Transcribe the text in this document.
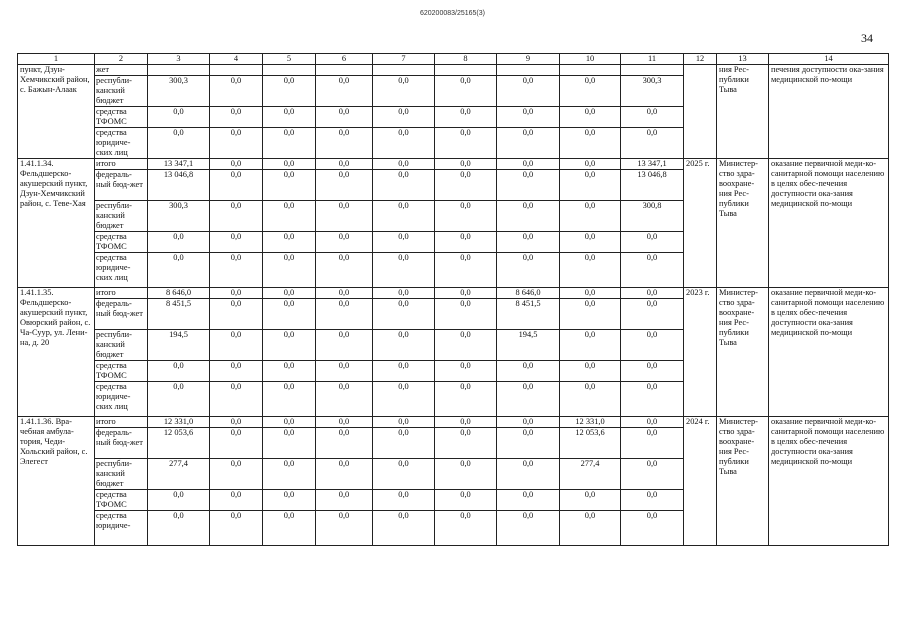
620200083/25165(3)
34
1	2	3	4	5	6	7	8	9	10	11	12	13	14
пункт, Дзун-Хемчикский район, с. Бажын-Алаак	жет											ния Рес-публики Тыва	печения доступности ока-зания медицинской по-мощи
	республи-канский бюджет	300,3	0,0	0,0	0,0	0,0	0,0	0,0	0,0	300,3			
	средства ТФОМС	0,0	0,0	0,0	0,0	0,0	0,0	0,0	0,0	0,0			
	средства юридиче-ских лиц	0,0	0,0	0,0	0,0	0,0	0,0	0,0	0,0	0,0			
1.41.1.34. Фельдшерско-акушерский пункт, Дзун-Хемчикский район, с. Теве-Хая	итого	13 347,1	0,0	0,0	0,0	0,0	0,0	0,0	0,0	13 347,1	2025 г.	Министер-ство здра-воохране-ния Рес-публики Тыва	оказание первичной меди-ко-санитарной помощи населению в целях обес-печения доступности ока-зания медицинской по-мощи
	федераль-ный бюд-жет	13 046,8	0,0	0,0	0,0	0,0	0,0	0,0	0,0	13 046,8			
	республи-канский бюджет	300,3	0,0	0,0	0,0	0,0	0,0	0,0	0,0	300,8			
	средства ТФОМС	0,0	0,0	0,0	0,0	0,0	0,0	0,0	0,0	0,0			
	средства юридиче-ских лиц	0,0	0,0	0,0	0,0	0,0	0,0	0,0	0,0	0,0			
1.41.1.35. Фельдшерско-акушерский пункт, Овюрский район, с. Ча-Суур, ул. Лени-на, д. 20	итого	8 646,0	0,0	0,0	0,0	0,0	0,0	8 646,0	0,0	0,0	2023 г.	Министер-ство здра-воохране-ния Рес-публики Тыва	оказание первичной меди-ко-санитарной помощи населению в целях обес-печения доступности ока-зания медицинской по-мощи
	федераль-ный бюд-жет	8 451,5	0,0	0,0	0,0	0,0	0,0	8 451,5	0,0	0,0			
	республи-канский бюджет	194,5	0,0	0,0	0,0	0,0	0,0	194,5	0,0	0,0			
	средства ТФОМС	0,0	0,0	0,0	0,0	0,0	0,0	0,0	0,0	0,0			
	средства юридиче-ских лиц	0,0	0,0	0,0	0,0	0,0	0,0	0,0	0,0	0,0			
1.41.1.36. Вра-чебная амбула-тория, Чеди-Хольский район, с. Элегест	итого	12 331,0	0,0	0,0	0,0	0,0	0,0	0,0	12 331,0	0,0	2024 г.	Министер-ство здра-воохране-ния Рес-публики Тыва	оказание первичной меди-ко-санитарной помощи населению в целях обес-печения доступности ока-зания медицинской по-мощи
	федераль-ный бюд-жет	12 053,6	0,0	0,0	0,0	0,0	0,0	0,0	12 053,6	0,0			
	республи-канский бюджет	277,4	0,0	0,0	0,0	0,0	0,0	0,0	277,4	0,0			
	средства ТФОМС	0,0	0,0	0,0	0,0	0,0	0,0	0,0	0,0	0,0			
	средства юридиче-	0,0	0,0	0,0	0,0	0,0	0,0	0,0	0,0	0,0			
